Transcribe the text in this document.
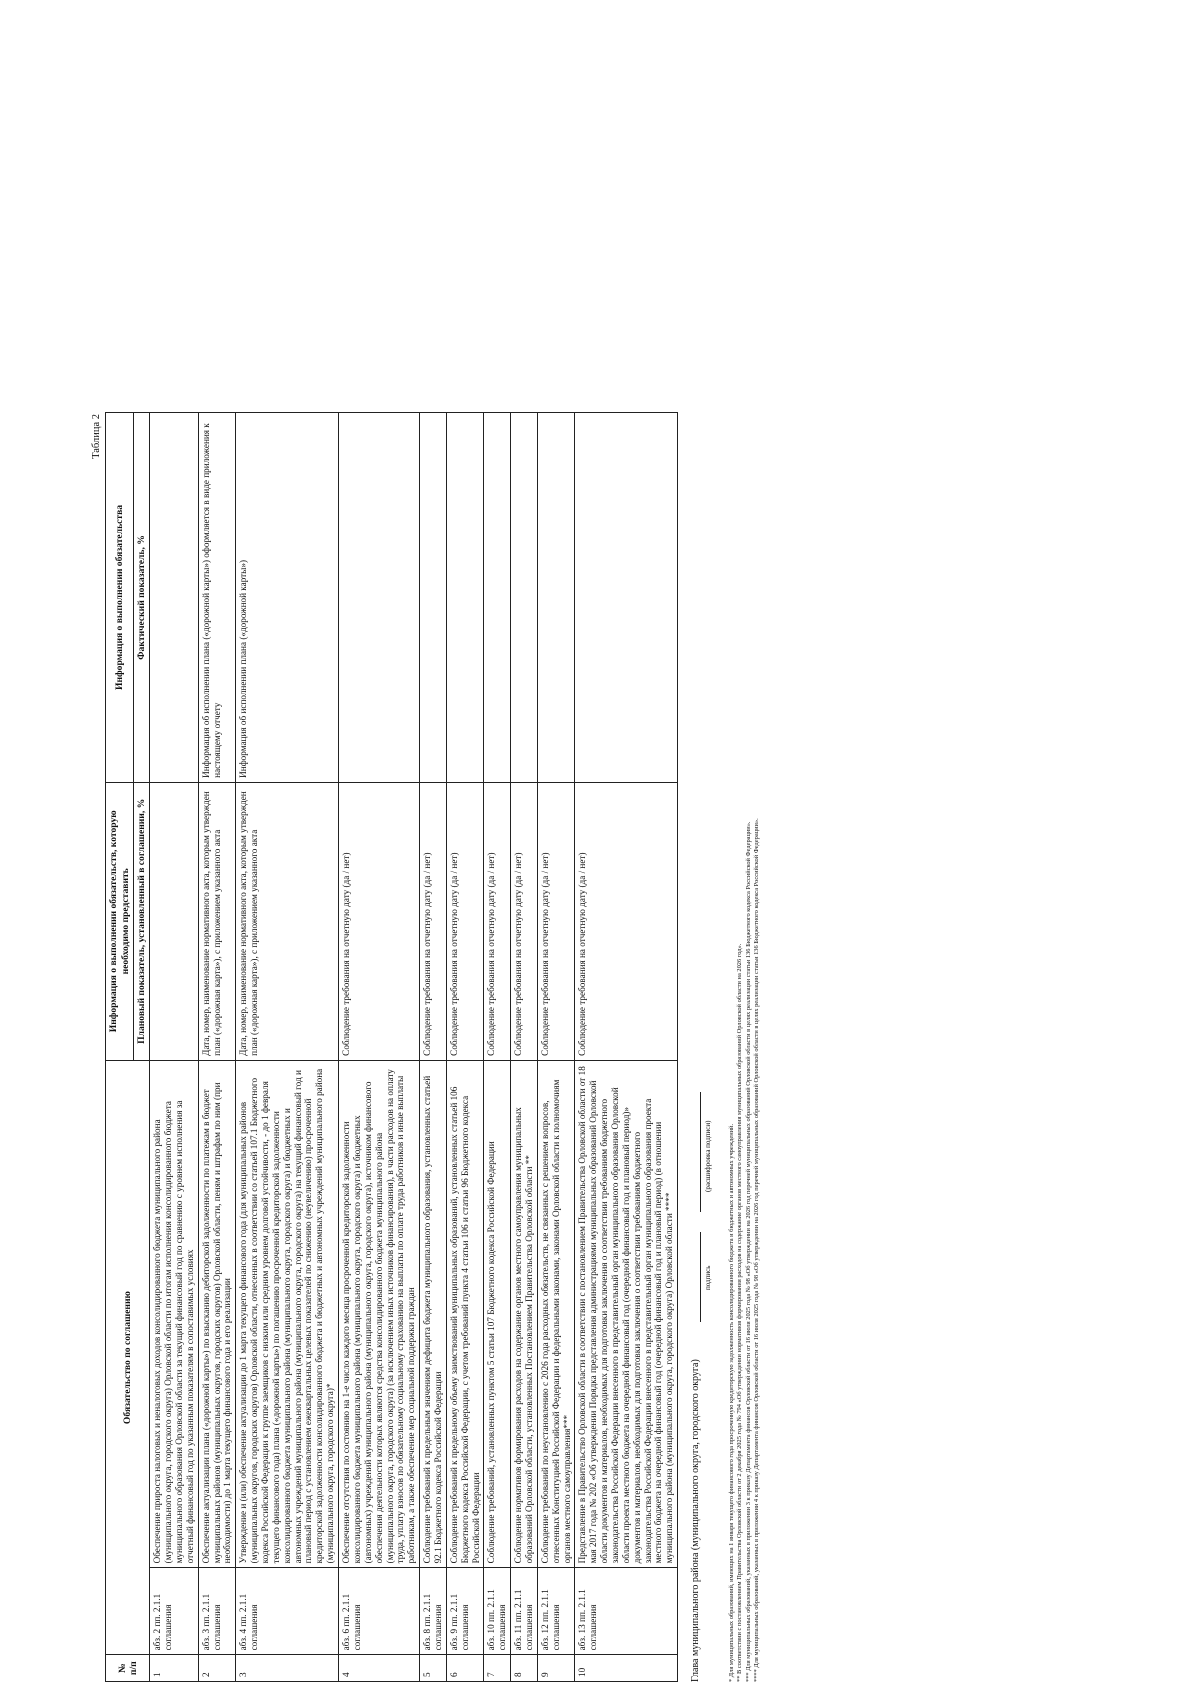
Таблица 2
№ п/п	Обязательство по соглашению		Информация о выполнении обязательств, которую необходимо представить	Информация о выполнении обязательства
			Плановый показатель, установленный в соглашении, %	Фактический показатель, %
1	абз. 2 пп. 2.1.1 соглашения	Обеспечение прироста налоговых и неналоговых доходов консолидированного бюджета муниципального района (муниципального округа, городского округа) Орловской области по итогам исполнения консолидированного бюджета муниципального образования Орловской области за текущий финансовый год по сравнению с уровнем исполнения за отчетный финансовый год по указанным показателям в сопоставимых условиях		
2	абз. 3 пп. 2.1.1 соглашения	Обеспечение актуализации плана («дорожной карты») по взысканию дебиторской задолженности по платежам в бюджет муниципальных районов (муниципальных округов, городских округов) Орловской области, пеням и штрафам по ним (при необходимости) до 1 марта текущего финансового года и его реализации	Дата, номер, наименование нормативного акта, которым утвержден план («дорожная карта»), с приложением указанного акта	Информация об исполнении плана («дорожной карты») оформляется в виде приложения к настоящему отчету
3	абз. 4 пп. 2.1.1 соглашения	Утверждение и (или) обеспечение актуализации до 1 марта текущего финансового года (для муниципальных районов (муниципальных округов, городских округов) Орловской области, отнесенных в соответствии со статьей 107.1 Бюджетного кодекса Российской Федерации к группе заемщиков с низким или средним уровнем долговой устойчивости, - до 1 февраля текущего финансового года) плана («дорожной карты») по погашению просроченной кредиторской задолженности консолидированного бюджета муниципального района (муниципального округа, городского округа) и бюджетных и автономных учреждений муниципального района (муниципального округа, городского округа) на текущий финансовый год и плановый период с установлением ежеквартальных целевых показателей по снижению (неувеличению) просроченной кредиторской задолженности консолидированного бюджета и бюджетных и автономных учреждений муниципального района (муниципального округа, городского округа)*	Дата, номер, наименование нормативного акта, которым утвержден план («дорожная карта»), с приложением указанного акта	Информация об исполнении плана («дорожной карты»)
4	абз. 6 пп. 2.1.1 соглашения	Обеспечение отсутствия по состоянию на 1-е число каждого месяца просроченной кредиторской задолженности консолидированного бюджета муниципального района (муниципального округа, городского округа) и бюджетных (автономных) учреждений муниципального района (муниципального округа, городского округа), источником финансового обеспечения деятельности которых являются средства консолидированного бюджета муниципального района (муниципального округа, городского округа) (за исключением иных источников финансирования), в части расходов на оплату труда, уплату взносов по обязательному социальному страхованию на выплаты по оплате труда работников и иные выплаты работникам, а также обеспечение мер социальной поддержки граждан	Соблюдение требования на отчетную дату (да / нет)	
5	абз. 8 пп. 2.1.1 соглашения	Соблюдение требований к предельным значениям дефицита бюджета муниципального образования, установленных статьей 92.1 Бюджетного кодекса Российской Федерации	Соблюдение требования на отчетную дату (да / нет)	
6	абз. 9 пп. 2.1.1 соглашения	Соблюдение требований к предельному объему заимствований муниципальных образований, установленных статьей 106 Бюджетного кодекса Российской Федерации, с учетом требований пункта 4 статьи 106 и статьи 96 Бюджетного кодекса Российской Федерации	Соблюдение требования на отчетную дату (да / нет)	
7	абз. 10 пп. 2.1.1 соглашения	Соблюдение требований, установленных пунктом 5 статьи 107 Бюджетного кодекса Российской Федерации	Соблюдение требования на отчетную дату (да / нет)	
8	абз. 11 пп. 2.1.1 соглашения	Соблюдение нормативов формирования расходов на содержание органов местного самоуправления муниципальных образований Орловской области, установленных Постановлением Правительства Орловской области **	Соблюдение требования на отчетную дату (да / нет)	
9	абз. 12 пп. 2.1.1 соглашения	Соблюдение требований по неустановлению с 2026 года расходных обязательств, не связанных с решением вопросов, отнесенных Конституцией Российской Федерации и федеральными законами, законами Орловской области к полномочиям органов местного самоуправления***	Соблюдение требования на отчетную дату (да / нет)	
10	абз. 13 пп. 2.1.1 соглашения	Представление в Правительство Орловской области в соответствии с постановлением Правительства Орловской области от 18 мая 2017 года № 202 «Об утверждении Порядка представления администрациями муниципальных образований Орловской области документов и материалов, необходимых для подготовки заключения о соответствии требованиям бюджетного законодательства Российской Федерации внесенного в представительный орган муниципального образования Орловской области проекта местного бюджета на очередной финансовый год (очередной финансовый год и плановый период)» документов и материалов, необходимых для подготовки заключения о соответствии требованиям бюджетного законодательства Российской Федерации внесенного в представительный орган муниципального образования проекта местного бюджета на очередной финансовый год (очередной финансовый год и плановый период) (в отношении муниципального района (муниципального округа, городского округа) Орловской области ****	Соблюдение требования на отчетную дату (да / нет)	
Глава муниципального района (муниципального округа, городского округа)
подпись
(расшифровка подписи)	* Для муниципальных образований, имеющих на 1 января текущего финансового года просроченную кредиторскую задолженность консолидированного бюджета и бюджетных и автономных учреждений. ** В соответствии с постановлением Правительства Орловской области от 2 декабря 2025 года № 794 «Об утверждении нормативов формирования расходов на содержание органов местного самоуправления муниципальных образований Орловской области на 2026 год». *** Для муниципальных образований, указанных в приложении 3 к приказу Департамента финансов Орловской области от 16 июля 2025 года № 98 «Об утверждении на 2026 год перечней муниципальных образований Орловской области в целях реализации статьи 136 Бюджетного кодекса Российской Федерации». **** Для муниципальных образований, указанных в приложении 4 к приказу Департамента финансов Орловской области от 16 июля 2025 года № 98 «Об утверждении на 2026 год перечней муниципальных образований Орловской области в целях реализации статьи 136 Бюджетного кодекса Российской Федерации».
